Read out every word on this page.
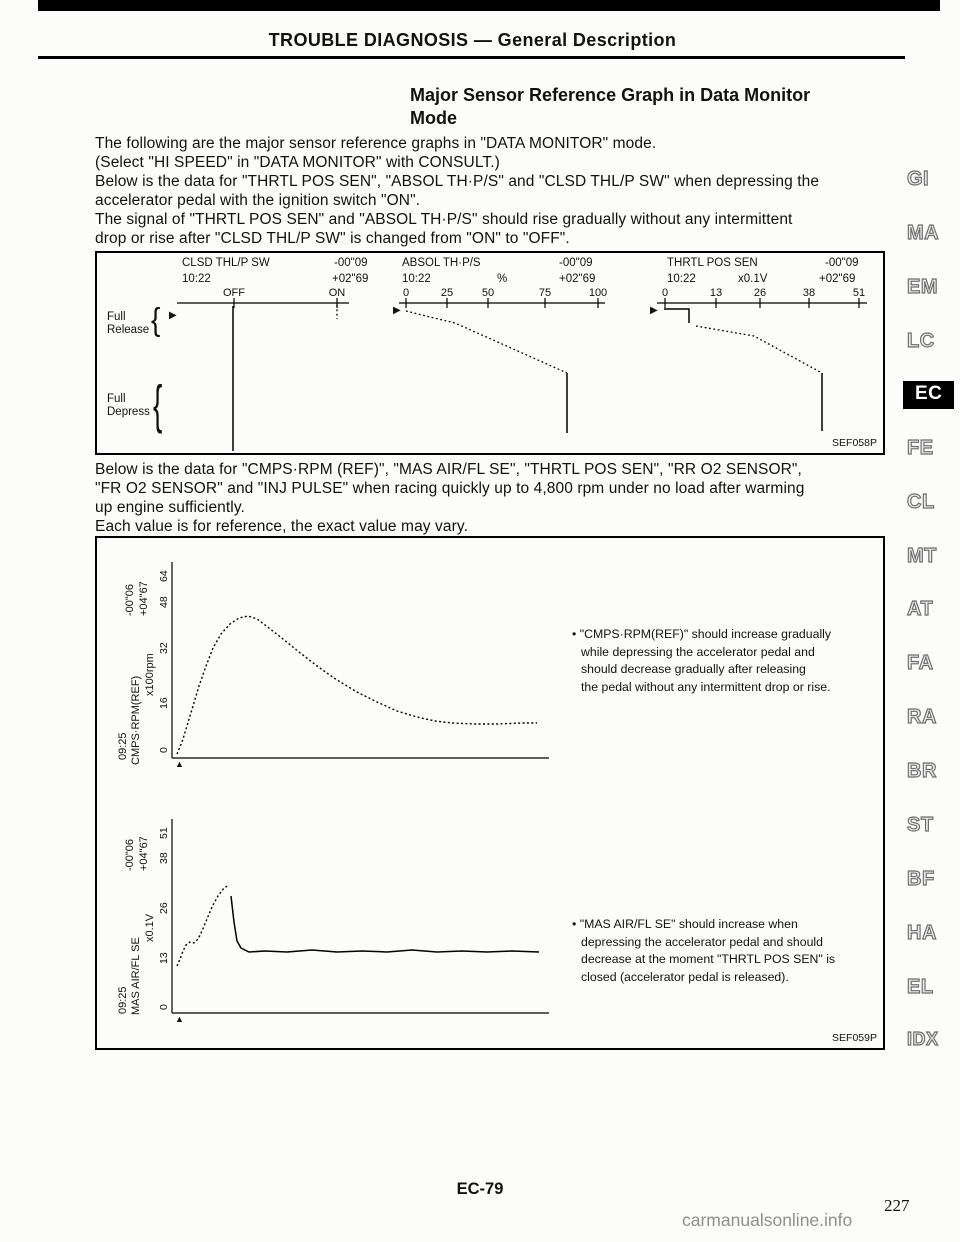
TROUBLE DIAGNOSIS — General Description
Major Sensor Reference Graph in Data Monitor
Mode
The following are the major sensor reference graphs in "DATA MONITOR" mode.
(Select "HI SPEED" in "DATA MONITOR" with CONSULT.)
Below is the data for "THRTL POS SEN", "ABSOL TH·P/S" and "CLSD THL/P SW" when depressing the
accelerator pedal with the ignition switch "ON".
The signal of "THRTL POS SEN" and "ABSOL TH·P/S" should rise gradually without any intermittent
drop or rise after "CLSD THL/P SW" is changed from "ON" to "OFF".
CLSD THL/P SW	-00"09
10:22	+02"69
OFF	ON
ABSOL TH·P/S	-00"09
10:22	%	+02"69
0	25	50	75	100
THRTL POS SEN	-00"09
10:22	x0.1V	+02"69
0	13	26	38	51
Full
Release { ▶
Full
Depress {
▶	▶
SEF058P
Below is the data for "CMPS·RPM (REF)", "MAS AIR/FL SE", "THRTL POS SEN", "RR O2 SENSOR",
"FR O2 SENSOR" and "INJ PULSE" when racing quickly up to 4,800 rpm under no load after warming
up engine sufficiently.
Each value is for reference, the exact value may vary.
09:25 CMPS·RPM(REF)
x100rpm
-00"06 +04"67
64
48
32
16
0
▲
09:25 MAS AIR/FL SE
x0.1V
-00"06 +04"67
51
38
26
13
0
▲
• "CMPS·RPM(REF)" should increase gradually
while depressing the accelerator pedal and
should decrease gradually after releasing
the pedal without any intermittent drop or rise.
• "MAS AIR/FL SE" should increase when
depressing the accelerator pedal and should
decrease at the moment "THRTL POS SEN" is
closed (accelerator pedal is released).
SEF059P
GI
MA
EM
LC
EC
FE
CL
MT
AT
FA
RA
BR
ST
BF
HA
EL
IDX
EC-79
227
carmanualsonline.info
